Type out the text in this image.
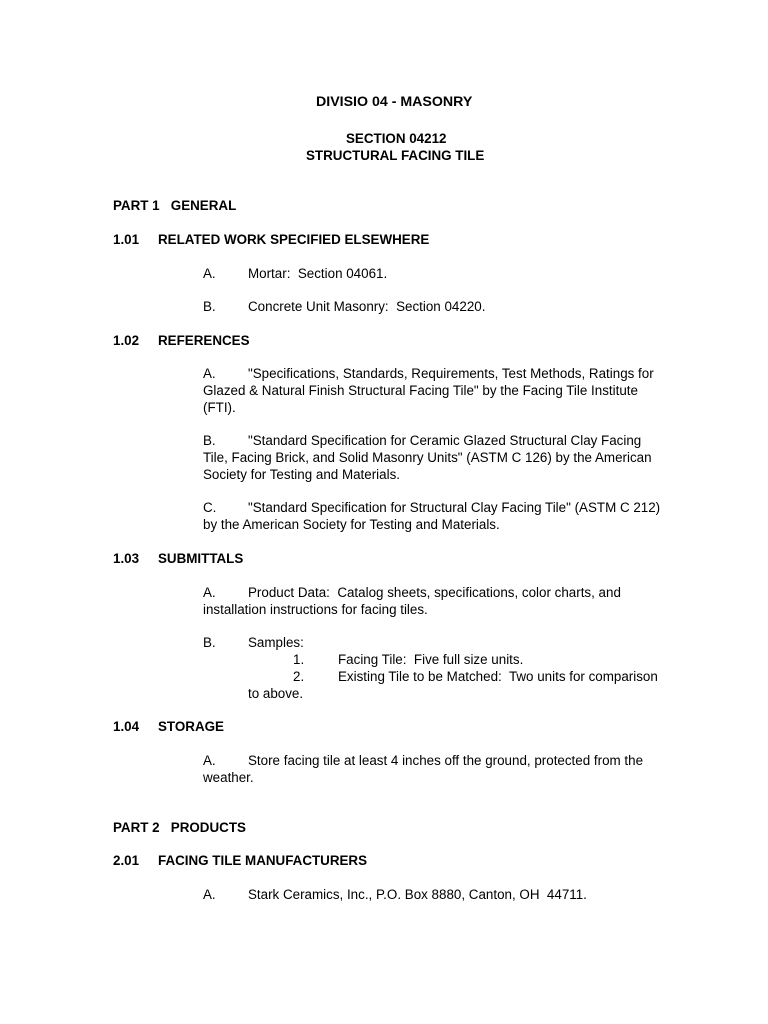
DIVISIO 04 - MASONRY
SECTION 04212
STRUCTURAL FACING TILE
PART 1   GENERAL
1.01 RELATED WORK SPECIFIED ELSEWHERE
A. Mortar:  Section 04061.
B. Concrete Unit Masonry:  Section 04220.
1.02 REFERENCES
A. "Specifications, Standards, Requirements, Test Methods, Ratings for
Glazed & Natural Finish Structural Facing Tile" by the Facing Tile Institute
(FTI).
B. "Standard Specification for Ceramic Glazed Structural Clay Facing
Tile, Facing Brick, and Solid Masonry Units" (ASTM C 126) by the American
Society for Testing and Materials.
C. "Standard Specification for Structural Clay Facing Tile" (ASTM C 212)
by the American Society for Testing and Materials.
1.03 SUBMITTALS
A. Product Data:  Catalog sheets, specifications, color charts, and
installation instructions for facing tiles.
B. Samples:
1.	Facing Tile:  Five full size units.
2.	Existing Tile to be Matched:  Two units for comparison
to above.
1.04 STORAGE
A. Store facing tile at least 4 inches off the ground, protected from the
weather.
PART 2   PRODUCTS
2.01 FACING TILE MANUFACTURERS
A. Stark Ceramics, Inc., P.O. Box 8880, Canton, OH  44711.
